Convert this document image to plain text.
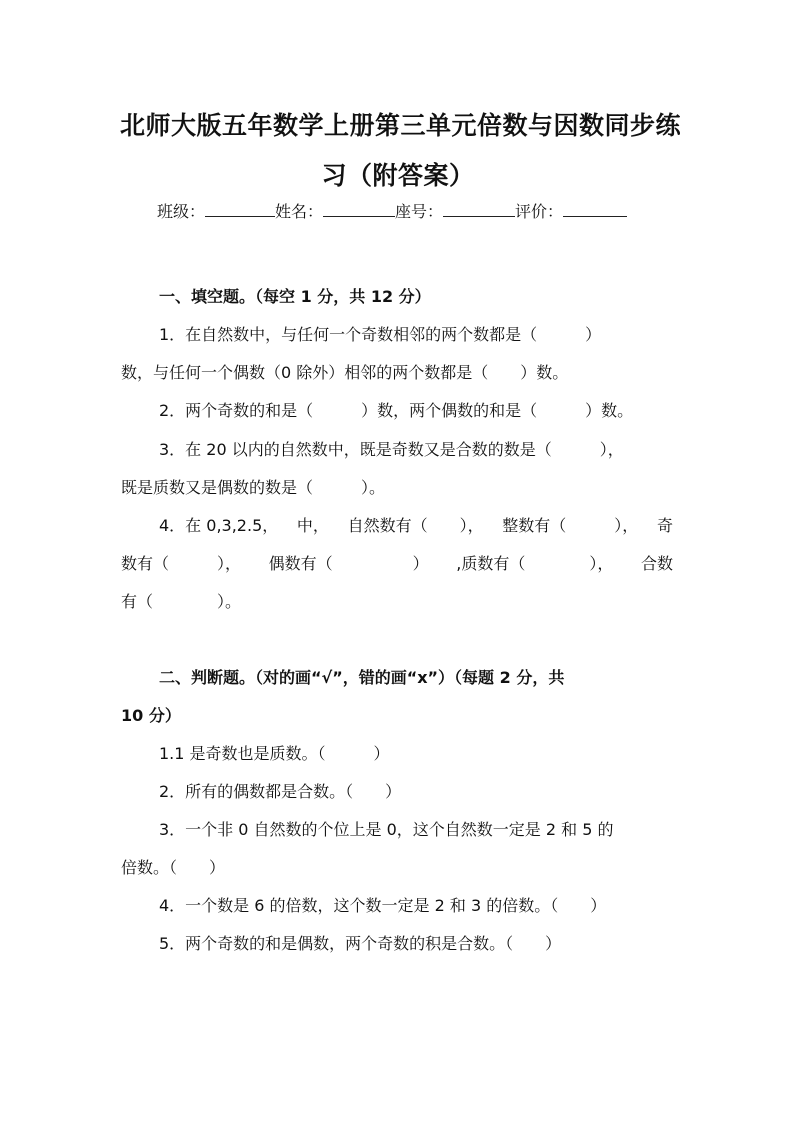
北师大版五年数学上册第三单元倍数与因数同步练
习（附答案）
班级：	姓名：	座号：	评价：
一、填空题。（每空 1 分，共 12 分）
1．在自然数中，与任何一个奇数相邻的两个数都是（　　　）
数，与任何一个偶数（0 除外）相邻的两个数都是（　　）数。
2．两个奇数的和是（　　　）数，两个偶数的和是（　　　）数。
3．在 20 以内的自然数中，既是奇数又是合数的数是（　　　），
既是质数又是偶数的数是（　　　）。
4．在 0,3,2.5， 中， 自然数有（　　）， 整数有（　　　）， 奇
数有（　　　）， 偶数有（　　　　　） ,质数有（　　　　）， 合数
有（　　　　）。
二、判断题。（对的画“√”，错的画“x”）（每题 2 分，共
10 分）
1.1 是奇数也是质数。（　　　）
2．所有的偶数都是合数。（　　）
3．一个非 0 自然数的个位上是 0，这个自然数一定是 2 和 5 的
倍数。（　　）
4．一个数是 6 的倍数，这个数一定是 2 和 3 的倍数。（　　）
5．两个奇数的和是偶数，两个奇数的积是合数。（　　）
